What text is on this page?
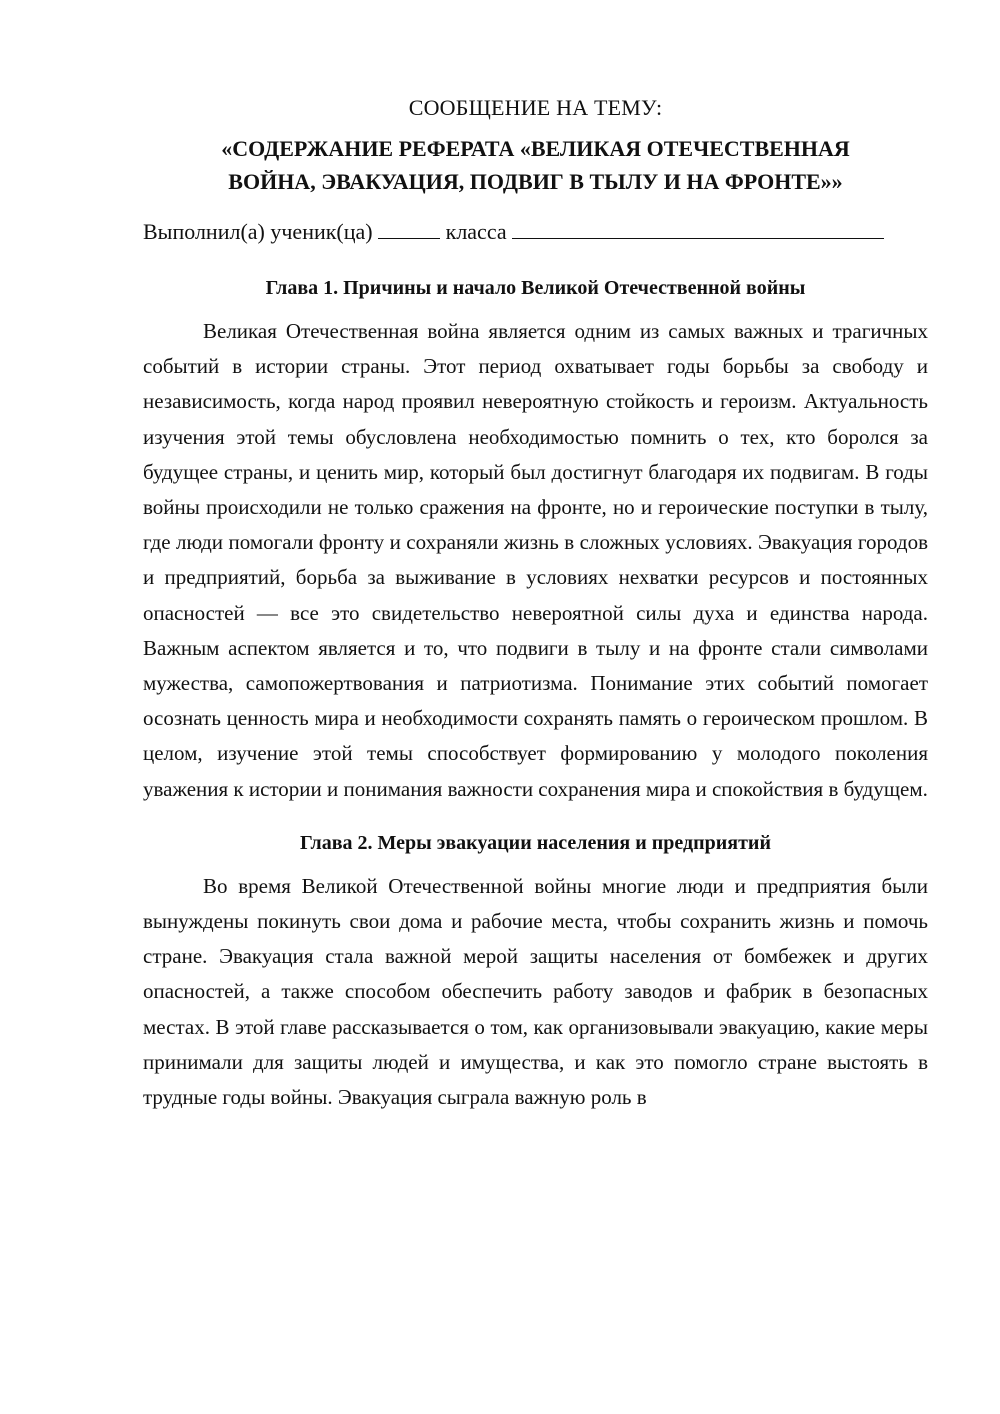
СООБЩЕНИЕ НА ТЕМУ:

«СОДЕРЖАНИЕ РЕФЕРАТА «ВЕЛИКАЯ ОТЕЧЕСТВЕННАЯ
ВОЙНА, ЭВАКУАЦИЯ, ПОДВИГ В ТЫЛУ И НА ФРОНТЕ»»

Выполнил(а) ученик(ца)	класса

Глава 1. Причины и начало Великой Отечественной войны

Великая Отечественная война является одним из самых важных и трагичных событий в истории страны. Этот период охватывает годы борьбы за свободу и независимость, когда народ проявил невероятную стойкость и героизм. Актуальность изучения этой темы обусловлена необходимостью помнить о тех, кто боролся за будущее страны, и ценить мир, который был достигнут благодаря их подвигам. В годы войны происходили не только сражения на фронте, но и героические поступки в тылу, где люди помогали фронту и сохраняли жизнь в сложных условиях. Эвакуация городов и предприятий, борьба за выживание в условиях нехватки ресурсов и постоянных опасностей — все это свидетельство невероятной силы духа и единства народа. Важным аспектом является и то, что подвиги в тылу и на фронте стали символами мужества, самопожертвования и патриотизма. Понимание этих событий помогает осознать ценность мира и необходимости сохранять память о героическом прошлом. В целом, изучение этой темы способствует формированию у молодого поколения уважения к истории и понимания важности сохранения мира и спокойствия в будущем.

Глава 2. Меры эвакуации населения и предприятий

Во время Великой Отечественной войны многие люди и предприятия были вынуждены покинуть свои дома и рабочие места, чтобы сохранить жизнь и помочь стране. Эвакуация стала важной мерой защиты населения от бомбежек и других опасностей, а также способом обеспечить работу заводов и фабрик в безопасных местах. В этой главе рассказывается о том, как организовывали эвакуацию, какие меры принимали для защиты людей и имущества, и как это помогло стране выстоять в трудные годы войны. Эвакуация сыграла важную роль в
